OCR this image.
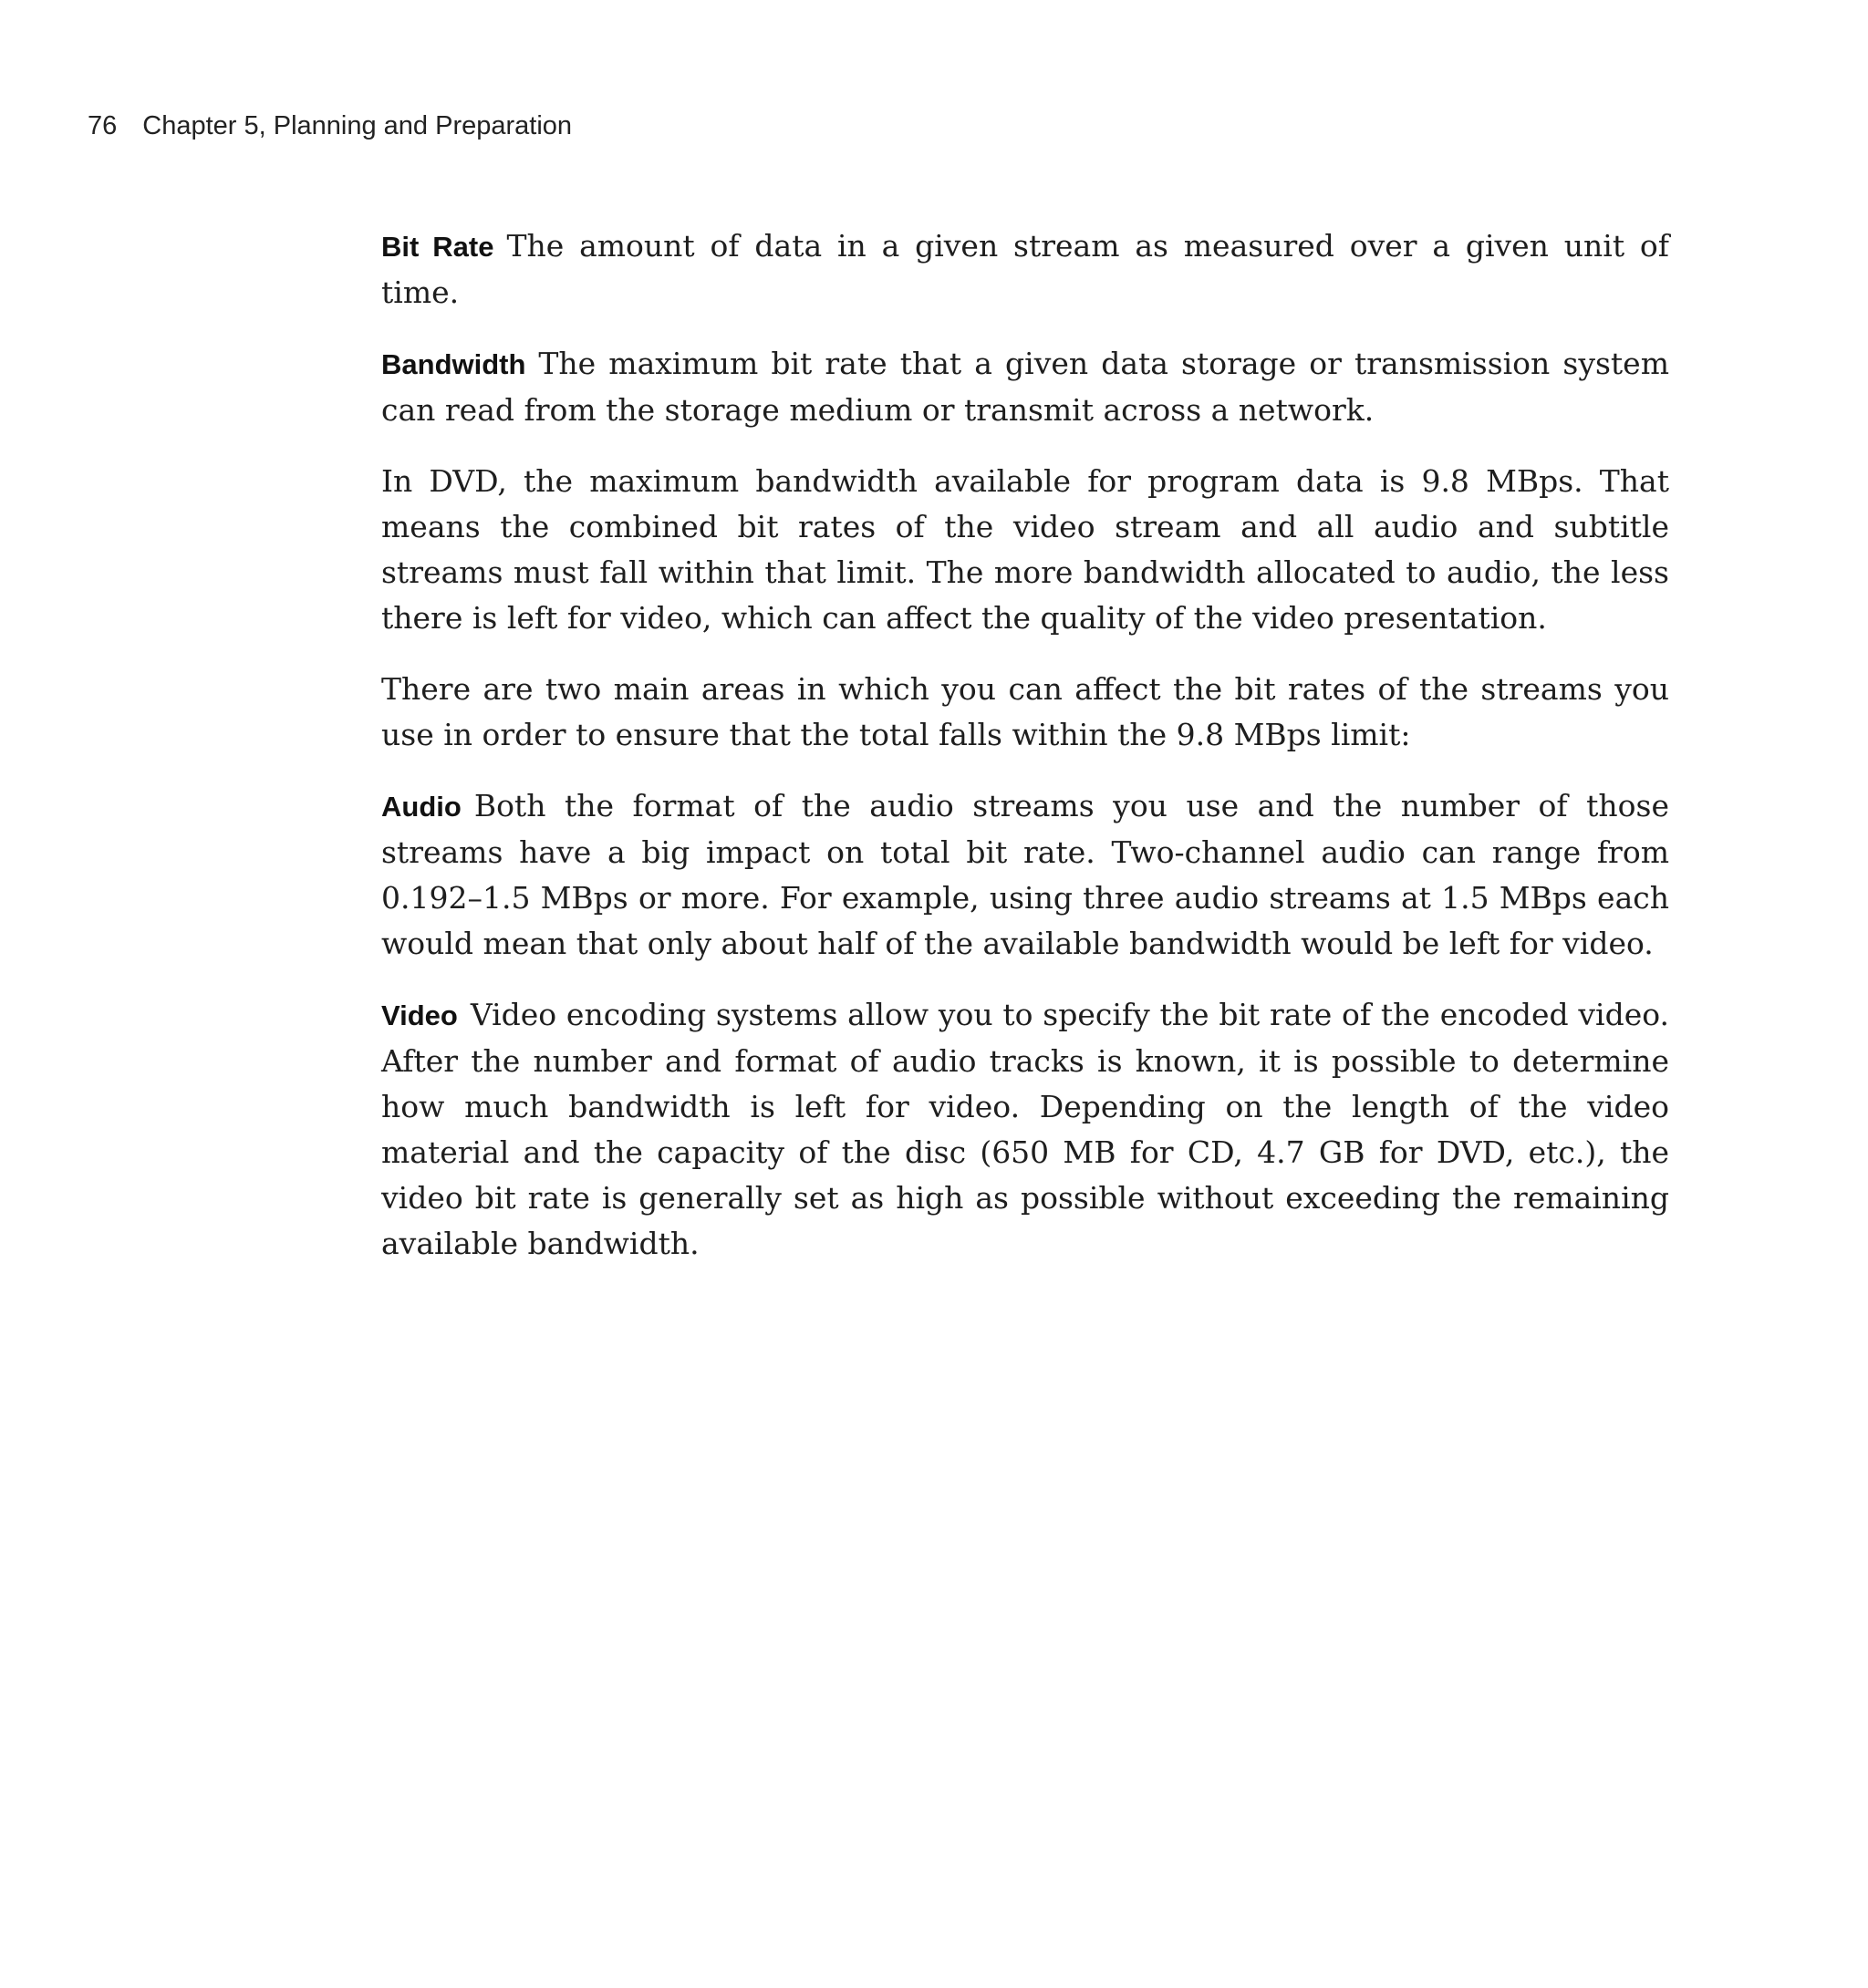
76 Chapter 5, Planning and Preparation

Bit Rate The amount of data in a given stream as measured over a given unit of time.

Bandwidth The maximum bit rate that a given data storage or transmission system can read from the storage medium or transmit across a network.

In DVD, the maximum bandwidth available for program data is 9.8 MBps. That means the combined bit rates of the video stream and all audio and subtitle streams must fall within that limit. The more bandwidth allocated to audio, the less there is left for video, which can affect the quality of the video presentation.

There are two main areas in which you can affect the bit rates of the streams you use in order to ensure that the total falls within the 9.8 MBps limit:

Audio Both the format of the audio streams you use and the number of those streams have a big impact on total bit rate. Two-channel audio can range from 0.192–1.5 MBps or more. For example, using three audio streams at 1.5 MBps each would mean that only about half of the available bandwidth would be left for video.

Video Video encoding systems allow you to specify the bit rate of the encoded video. After the number and format of audio tracks is known, it is possible to determine how much bandwidth is left for video. Depending on the length of the video material and the capacity of the disc (650 MB for CD, 4.7 GB for DVD, etc.), the video bit rate is generally set as high as possible without exceeding the remaining available bandwidth.
